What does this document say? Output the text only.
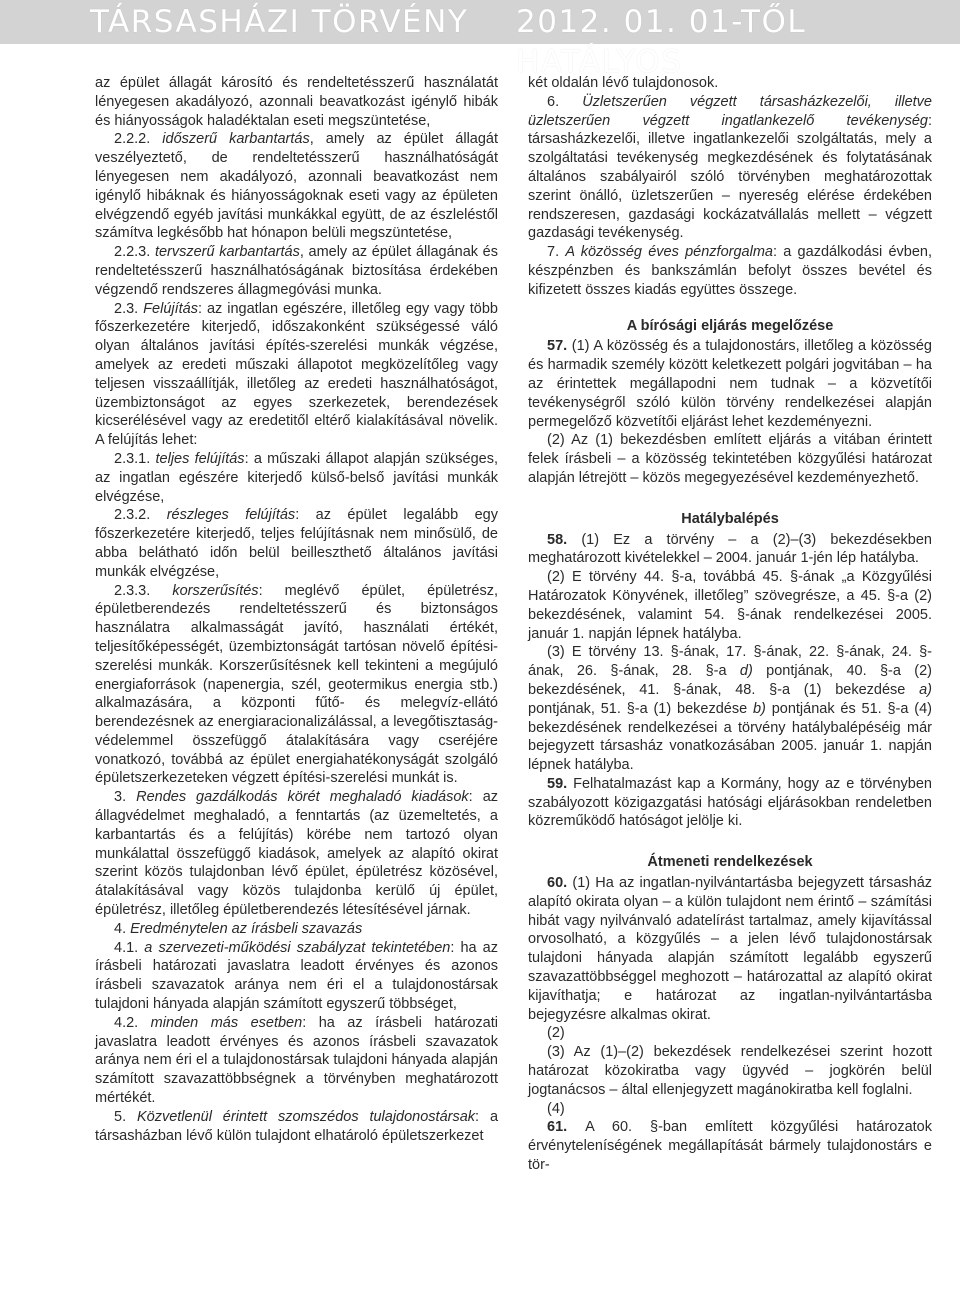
TÁRSASHÁZI TÖRVÉNY 2012. 01. 01-TŐL HATÁLYOS

az épület állagát károsító és rendeltetésszerű használatát lényegesen akadályozó, azonnali beavatkozást igénylő hibák és hiányosságok haladéktalan eseti megszüntetése,

2.2.2. időszerű karbantartás, amely az épület állagát veszélyeztető, de rendeltetésszerű használhatóságát lényegesen nem akadályozó, azonnali beavatkozást nem igénylő hibáknak és hiányosságoknak eseti vagy az épületen elvégzendő egyéb javítási munkákkal együtt, de az észleléstől számítva legkésőbb hat hónapon belüli megszüntetése,

2.2.3. tervszerű karbantartás, amely az épület állagának és rendeltetésszerű használhatóságának biztosítása érdekében végzendő rendszeres állagmegóvási munka.

2.3. Felújítás: az ingatlan egészére, illetőleg egy vagy több főszerkezetére kiterjedő, időszakonként szükségessé váló olyan általános javítási építés-szerelési munkák végzése, amelyek az eredeti műszaki állapotot megközelítőleg vagy teljesen visszaállítják, illetőleg az eredeti használhatóságot, üzembiztonságot az egyes szerkezetek, berendezések kicserélésével vagy az eredetitől eltérő kialakításával növelik. A felújítás lehet:

2.3.1. teljes felújítás: a műszaki állapot alapján szükséges, az ingatlan egészére kiterjedő külső-belső javítási munkák elvégzése,

2.3.2. részleges felújítás: az épület legalább egy főszerkezetére kiterjedő, teljes felújításnak nem minősülő, de abba belátható időn belül beilleszthető általános javítási munkák elvégzése,

2.3.3. korszerűsítés: meglévő épület, épületrész, épületberendezés rendeltetésszerű és biztonságos használatra alkalmasságát javító, használati értékét, teljesítőképességét, üzembiztonságát tartósan növelő építési-szerelési munkák. Korszerűsítésnek kell tekinteni a megújuló energiaforrások (napenergia, szél, geotermikus energia stb.) alkalmazására, a központi fűtő- és melegvíz-ellátó berendezésnek az energiaracionalizálással, a levegőtisztaság-védelemmel összefüggő átalakítására vagy cseréjére vonatkozó, továbbá az épület energiahatékonyságát szolgáló épületszerkezeteken végzett építési-szerelési munkát is.

3. Rendes gazdálkodás körét meghaladó kiadások: az állagvédelmet meghaladó, a fenntartás (az üzemeltetés, a karbantartás és a felújítás) körébe nem tartozó olyan munkálattal összefüggő kiadások, amelyek az alapító okirat szerint közös tulajdonban lévő épület, épületrész közösével, átalakításával vagy közös tulajdonba kerülő új épület, épületrész, illetőleg épületberendezés létesítésével járnak.

4. Eredménytelen az írásbeli szavazás

4.1. a szervezeti-működési szabályzat tekintetében: ha az írásbeli határozati javaslatra leadott érvényes és azonos írásbeli szavazatok aránya nem éri el a tulajdonostársak tulajdoni hányada alapján számított egyszerű többséget,

4.2. minden más esetben: ha az írásbeli határozati javaslatra leadott érvényes és azonos írásbeli szavazatok aránya nem éri el a tulajdonostársak tulajdoni hányada alapján számított szavazattöbbségnek a törvényben meghatározott mértékét.

5. Közvetlenül érintett szomszédos tulajdonostársak: a társasházban lévő külön tulajdont elhatároló épületszerkezet

két oldalán lévő tulajdonosok.

6. Üzletszerűen végzett társasházkezelői, illetve üzletszerűen végzett ingatlankezelő tevékenység: társasházkezelői, illetve ingatlankezelői szolgáltatás, mely a szolgáltatási tevékenység megkezdésének és folytatásának általános szabályairól szóló törvényben meghatározottak szerint önálló, üzletszerűen – nyereség elérése érdekében rendszeresen, gazdasági kockázatvállalás mellett – végzett gazdasági tevékenység.

7. A közösség éves pénzforgalma: a gazdálkodási évben, készpénzben és bankszámlán befolyt összes bevétel és kifizetett összes kiadás együttes összege.

A bírósági eljárás megelőzése

57. (1) A közösség és a tulajdonostárs, illetőleg a közösség és harmadik személy között keletkezett polgári jogvitában – ha az érintettek megállapodni nem tudnak – a közvetítői tevékenységről szóló külön törvény rendelkezései alapján permegelőző közvetítői eljárást lehet kezdeményezni.

(2) Az (1) bekezdésben említett eljárás a vitában érintett felek írásbeli – a közösség tekintetében közgyűlési határozat alapján létrejött – közös megegyezésével kezdeményezhető.

Hatálybalépés

58. (1) Ez a törvény – a (2)–(3) bekezdésekben meghatározott kivételekkel – 2004. január 1-jén lép hatályba.

(2) E törvény 44. §-a, továbbá 45. §-ának „a Közgyűlési Határozatok Könyvének, illetőleg” szövegrésze, a 45. §-a (2) bekezdésének, valamint 54. §-ának rendelkezései 2005. január 1. napján lépnek hatályba.

(3) E törvény 13. §-ának, 17. §-ának, 22. §-ának, 24. §-ának, 26. §-ának, 28. §-a d) pontjának, 40. §-a (2) bekezdésének, 41. §-ának, 48. §-a (1) bekezdése a) pontjának, 51. §-a (1) bekezdése b) pontjának és 51. §-a (4) bekezdésének rendelkezései a törvény hatálybalépéséig már bejegyzett társasház vonatkozásában 2005. január 1. napján lépnek hatályba.

59. Felhatalmazást kap a Kormány, hogy az e törvényben szabályozott közigazgatási hatósági eljárásokban rendeletben közreműködő hatóságot jelölje ki.

Átmeneti rendelkezések

60. (1) Ha az ingatlan-nyilvántartásba bejegyzett társasház alapító okirata olyan – a külön tulajdont nem érintő – számítási hibát vagy nyilvánvaló adatelírást tartalmaz, amely kijavítással orvosolható, a közgyűlés – a jelen lévő tulajdonostársak tulajdoni hányada alapján számított legalább egyszerű szavazattöbbséggel meghozott – határozattal az alapító okirat kijavíthatja; e határozat az ingatlan-nyilvántartásba bejegyzésre alkalmas okirat.

(2)

(3) Az (1)–(2) bekezdések rendelkezései szerint hozott határozat közokiratba vagy ügyvéd – jogkörén belül jogtanácsos – által ellenjegyzett magánokiratba kell foglalni.

(4)

61. A 60. §-ban említett közgyűlési határozatok érvényteleníségének megállapítását bármely tulajdonostárs e tör-
